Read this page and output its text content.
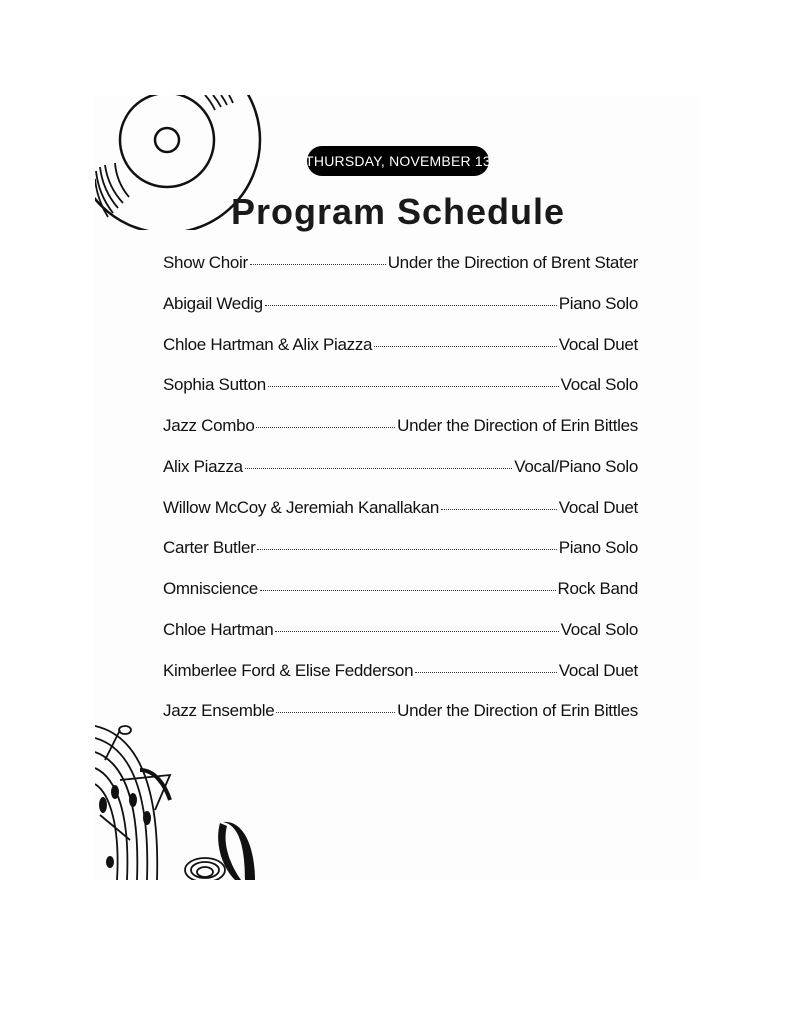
THURSDAY, NOVEMBER 13
Program Schedule
Show Choir	Under the Direction of Brent Stater
Abigail Wedig	Piano Solo
Chloe Hartman & Alix Piazza	Vocal Duet
Sophia Sutton	Vocal Solo
Jazz Combo	Under the Direction of Erin Bittles
Alix Piazza	Vocal/Piano Solo
Willow McCoy & Jeremiah Kanallakan	Vocal Duet
Carter Butler	Piano Solo
Omniscience	Rock Band
Chloe Hartman	Vocal Solo
Kimberlee Ford & Elise Fedderson	Vocal Duet
Jazz Ensemble	Under the Direction of Erin Bittles
